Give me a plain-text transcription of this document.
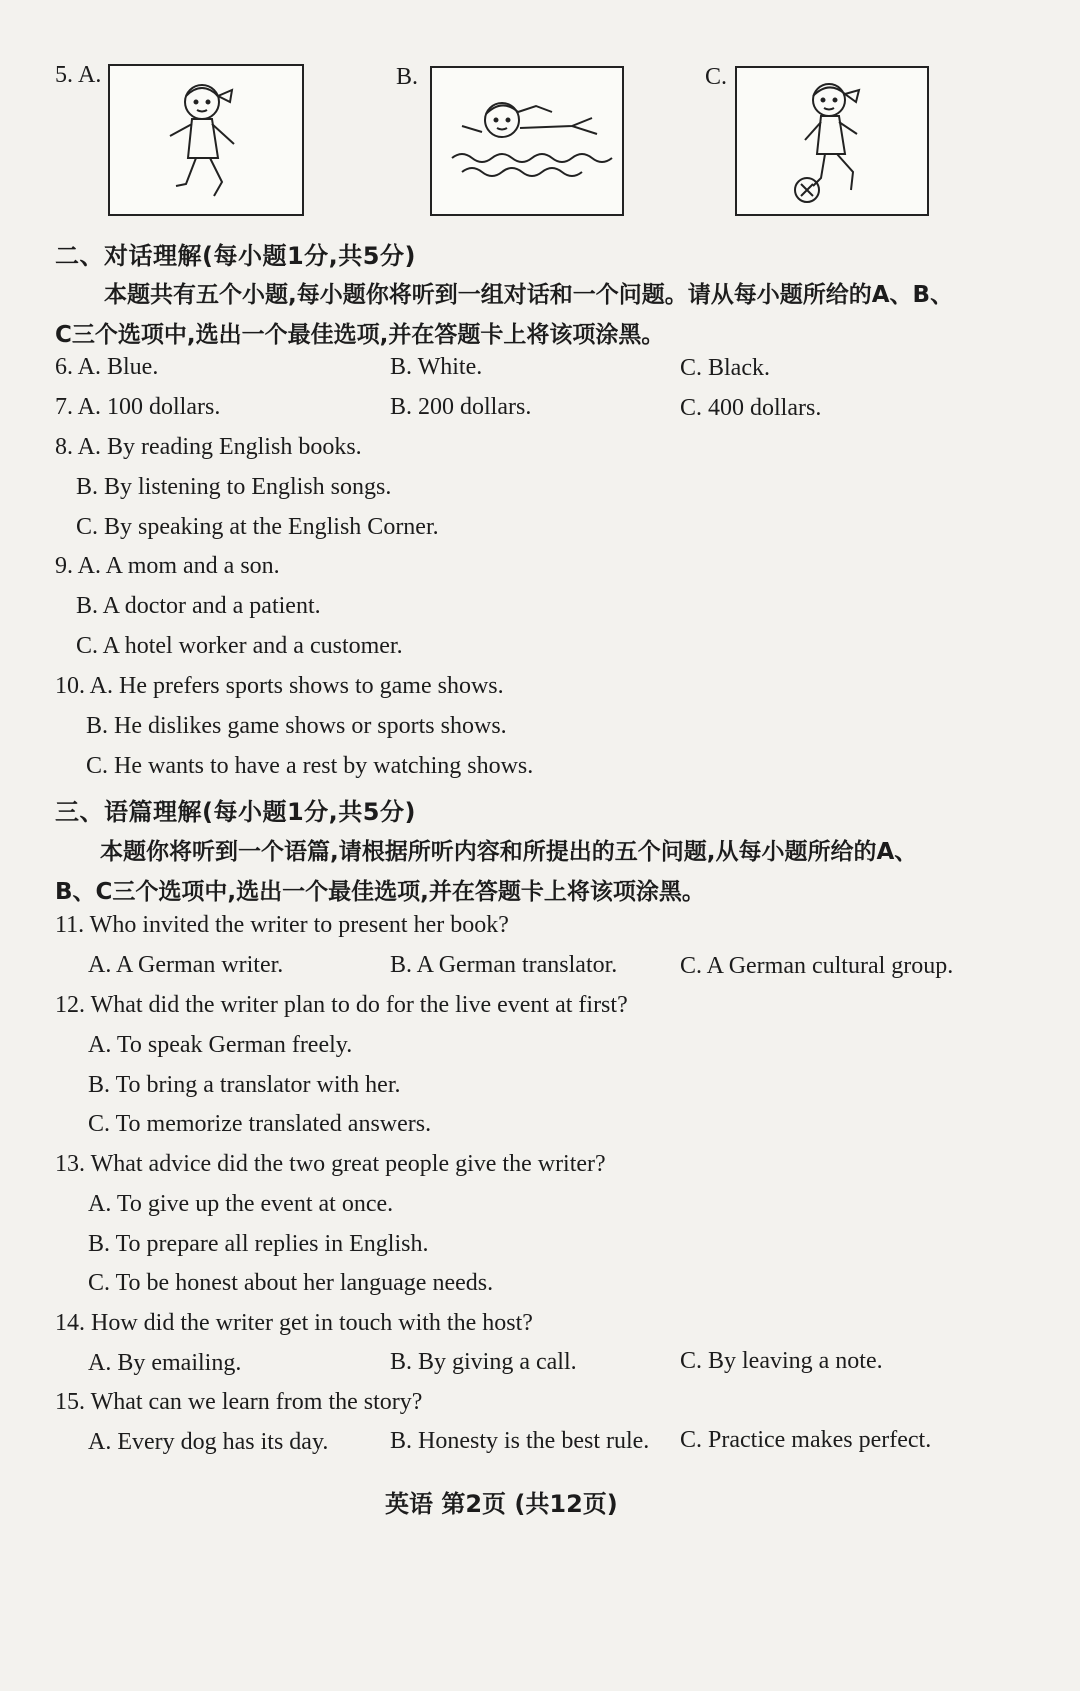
5. A.	B.	C.
二、对话理解(每小题1分,共5分)
本题共有五个小题,每小题你将听到一组对话和一个问题。请从每小题所给的A、B、
C三个选项中,选出一个最佳选项,并在答题卡上将该项涂黑。
6. A. Blue.	B. White.	C. Black.
7. A. 100 dollars.	B. 200 dollars.	C. 400 dollars.
8. A. By reading English books.
B. By listening to English songs.
C. By speaking at the English Corner.
9. A. A mom and a son.
B. A doctor and a patient.
C. A hotel worker and a customer.
10. A. He prefers sports shows to game shows.
B. He dislikes game shows or sports shows.
C. He wants to have a rest by watching shows.
三、语篇理解(每小题1分,共5分)
本题你将听到一个语篇,请根据所听内容和所提出的五个问题,从每小题所给的A、
B、C三个选项中,选出一个最佳选项,并在答题卡上将该项涂黑。
11. Who invited the writer to present her book?
A. A German writer.	B. A German translator.	C. A German cultural group.
12. What did the writer plan to do for the live event at first?
A. To speak German freely.
B. To bring a translator with her.
C. To memorize translated answers.
13. What advice did the two great people give the writer?
A. To give up the event at once.
B. To prepare all replies in English.
C. To be honest about her language needs.
14. How did the writer get in touch with the host?
A. By emailing.	B. By giving a call.	C. By leaving a note.
15. What can we learn from the story?
A. Every dog has its day.	B. Honesty is the best rule. C. Practice makes perfect.
英语 第2页 (共12页)
